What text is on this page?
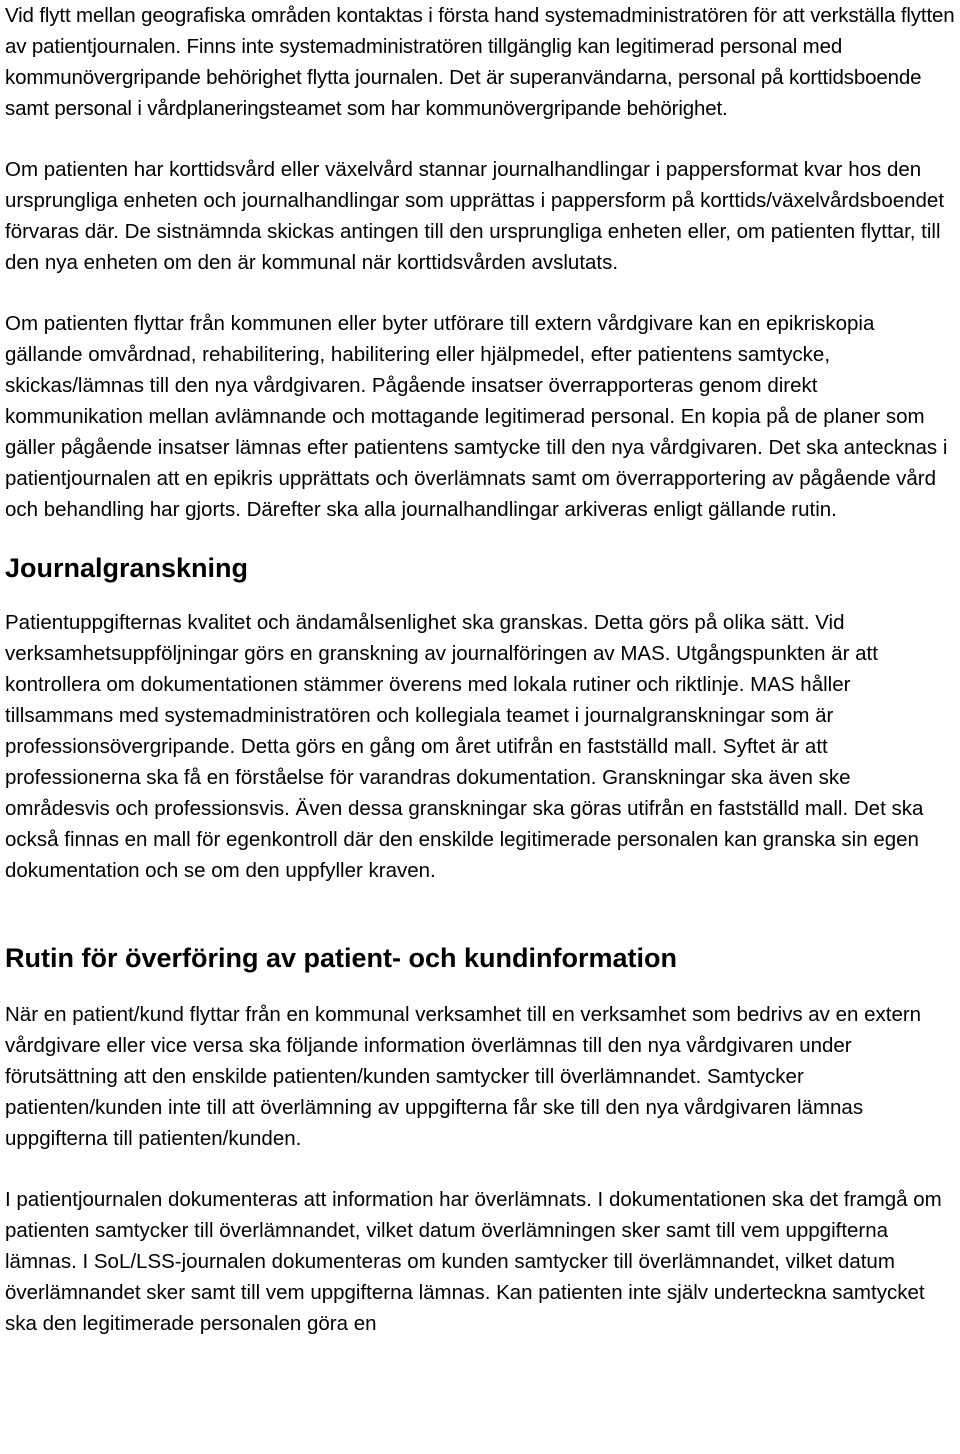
Vid flytt mellan geografiska områden kontaktas i första hand systemadministratören för att verkställa flytten av patientjournalen. Finns inte systemadministratören tillgänglig kan legitimerad personal med kommunövergripande behörighet flytta journalen. Det är superanvändarna, personal på korttidsboende samt personal i vårdplaneringsteamet som har kommunövergripande behörighet.

Om patienten har korttidsvård eller växelvård stannar journalhandlingar i pappersformat kvar hos den ursprungliga enheten och journalhandlingar som upprättas i pappersform på korttids/växelvårdsboendet förvaras där. De sistnämnda skickas antingen till den ursprungliga enheten eller, om patienten flyttar, till den nya enheten om den är kommunal när korttidsvården avslutats.

Om patienten flyttar från kommunen eller byter utförare till extern vårdgivare kan en epikriskopia gällande omvårdnad, rehabilitering, habilitering eller hjälpmedel, efter patientens samtycke, skickas/lämnas till den nya vårdgivaren. Pågående insatser överrapporteras genom direkt kommunikation mellan avlämnande och mottagande legitimerad personal. En kopia på de planer som gäller pågående insatser lämnas efter patientens samtycke till den nya vårdgivaren. Det ska antecknas i patientjournalen att en epikris upprättats och överlämnats samt om överrapportering av pågående vård och behandling har gjorts. Därefter ska alla journalhandlingar arkiveras enligt gällande rutin.

Journalgranskning

Patientuppgifternas kvalitet och ändamålsenlighet ska granskas. Detta görs på olika sätt. Vid verksamhetsuppföljningar görs en granskning av journalföringen av MAS. Utgångspunkten är att kontrollera om dokumentationen stämmer överens med lokala rutiner och riktlinje. MAS håller tillsammans med systemadministratören och kollegiala teamet i journalgranskningar som är professionsövergripande. Detta görs en gång om året utifrån en fastställd mall. Syftet är att professionerna ska få en förståelse för varandras dokumentation. Granskningar ska även ske områdesvis och professionsvis. Även dessa granskningar ska göras utifrån en fastställd mall. Det ska också finnas en mall för egenkontroll där den enskilde legitimerade personalen kan granska sin egen dokumentation och se om den uppfyller kraven.

Rutin för överföring av patient- och kundinformation

När en patient/kund flyttar från en kommunal verksamhet till en verksamhet som bedrivs av en extern vårdgivare eller vice versa ska följande information överlämnas till den nya vårdgivaren under förutsättning att den enskilde patienten/kunden samtycker till överlämnandet. Samtycker patienten/kunden inte till att överlämning av uppgifterna får ske till den nya vårdgivaren lämnas uppgifterna till patienten/kunden.

I patientjournalen dokumenteras att information har överlämnats. I dokumentationen ska det framgå om patienten samtycker till överlämnandet, vilket datum överlämningen sker samt till vem uppgifterna lämnas. I SoL/LSS-journalen dokumenteras om kunden samtycker till överlämnandet, vilket datum överlämnandet sker samt till vem uppgifterna lämnas. Kan patienten inte själv underteckna samtycket ska den legitimerade personalen göra en
